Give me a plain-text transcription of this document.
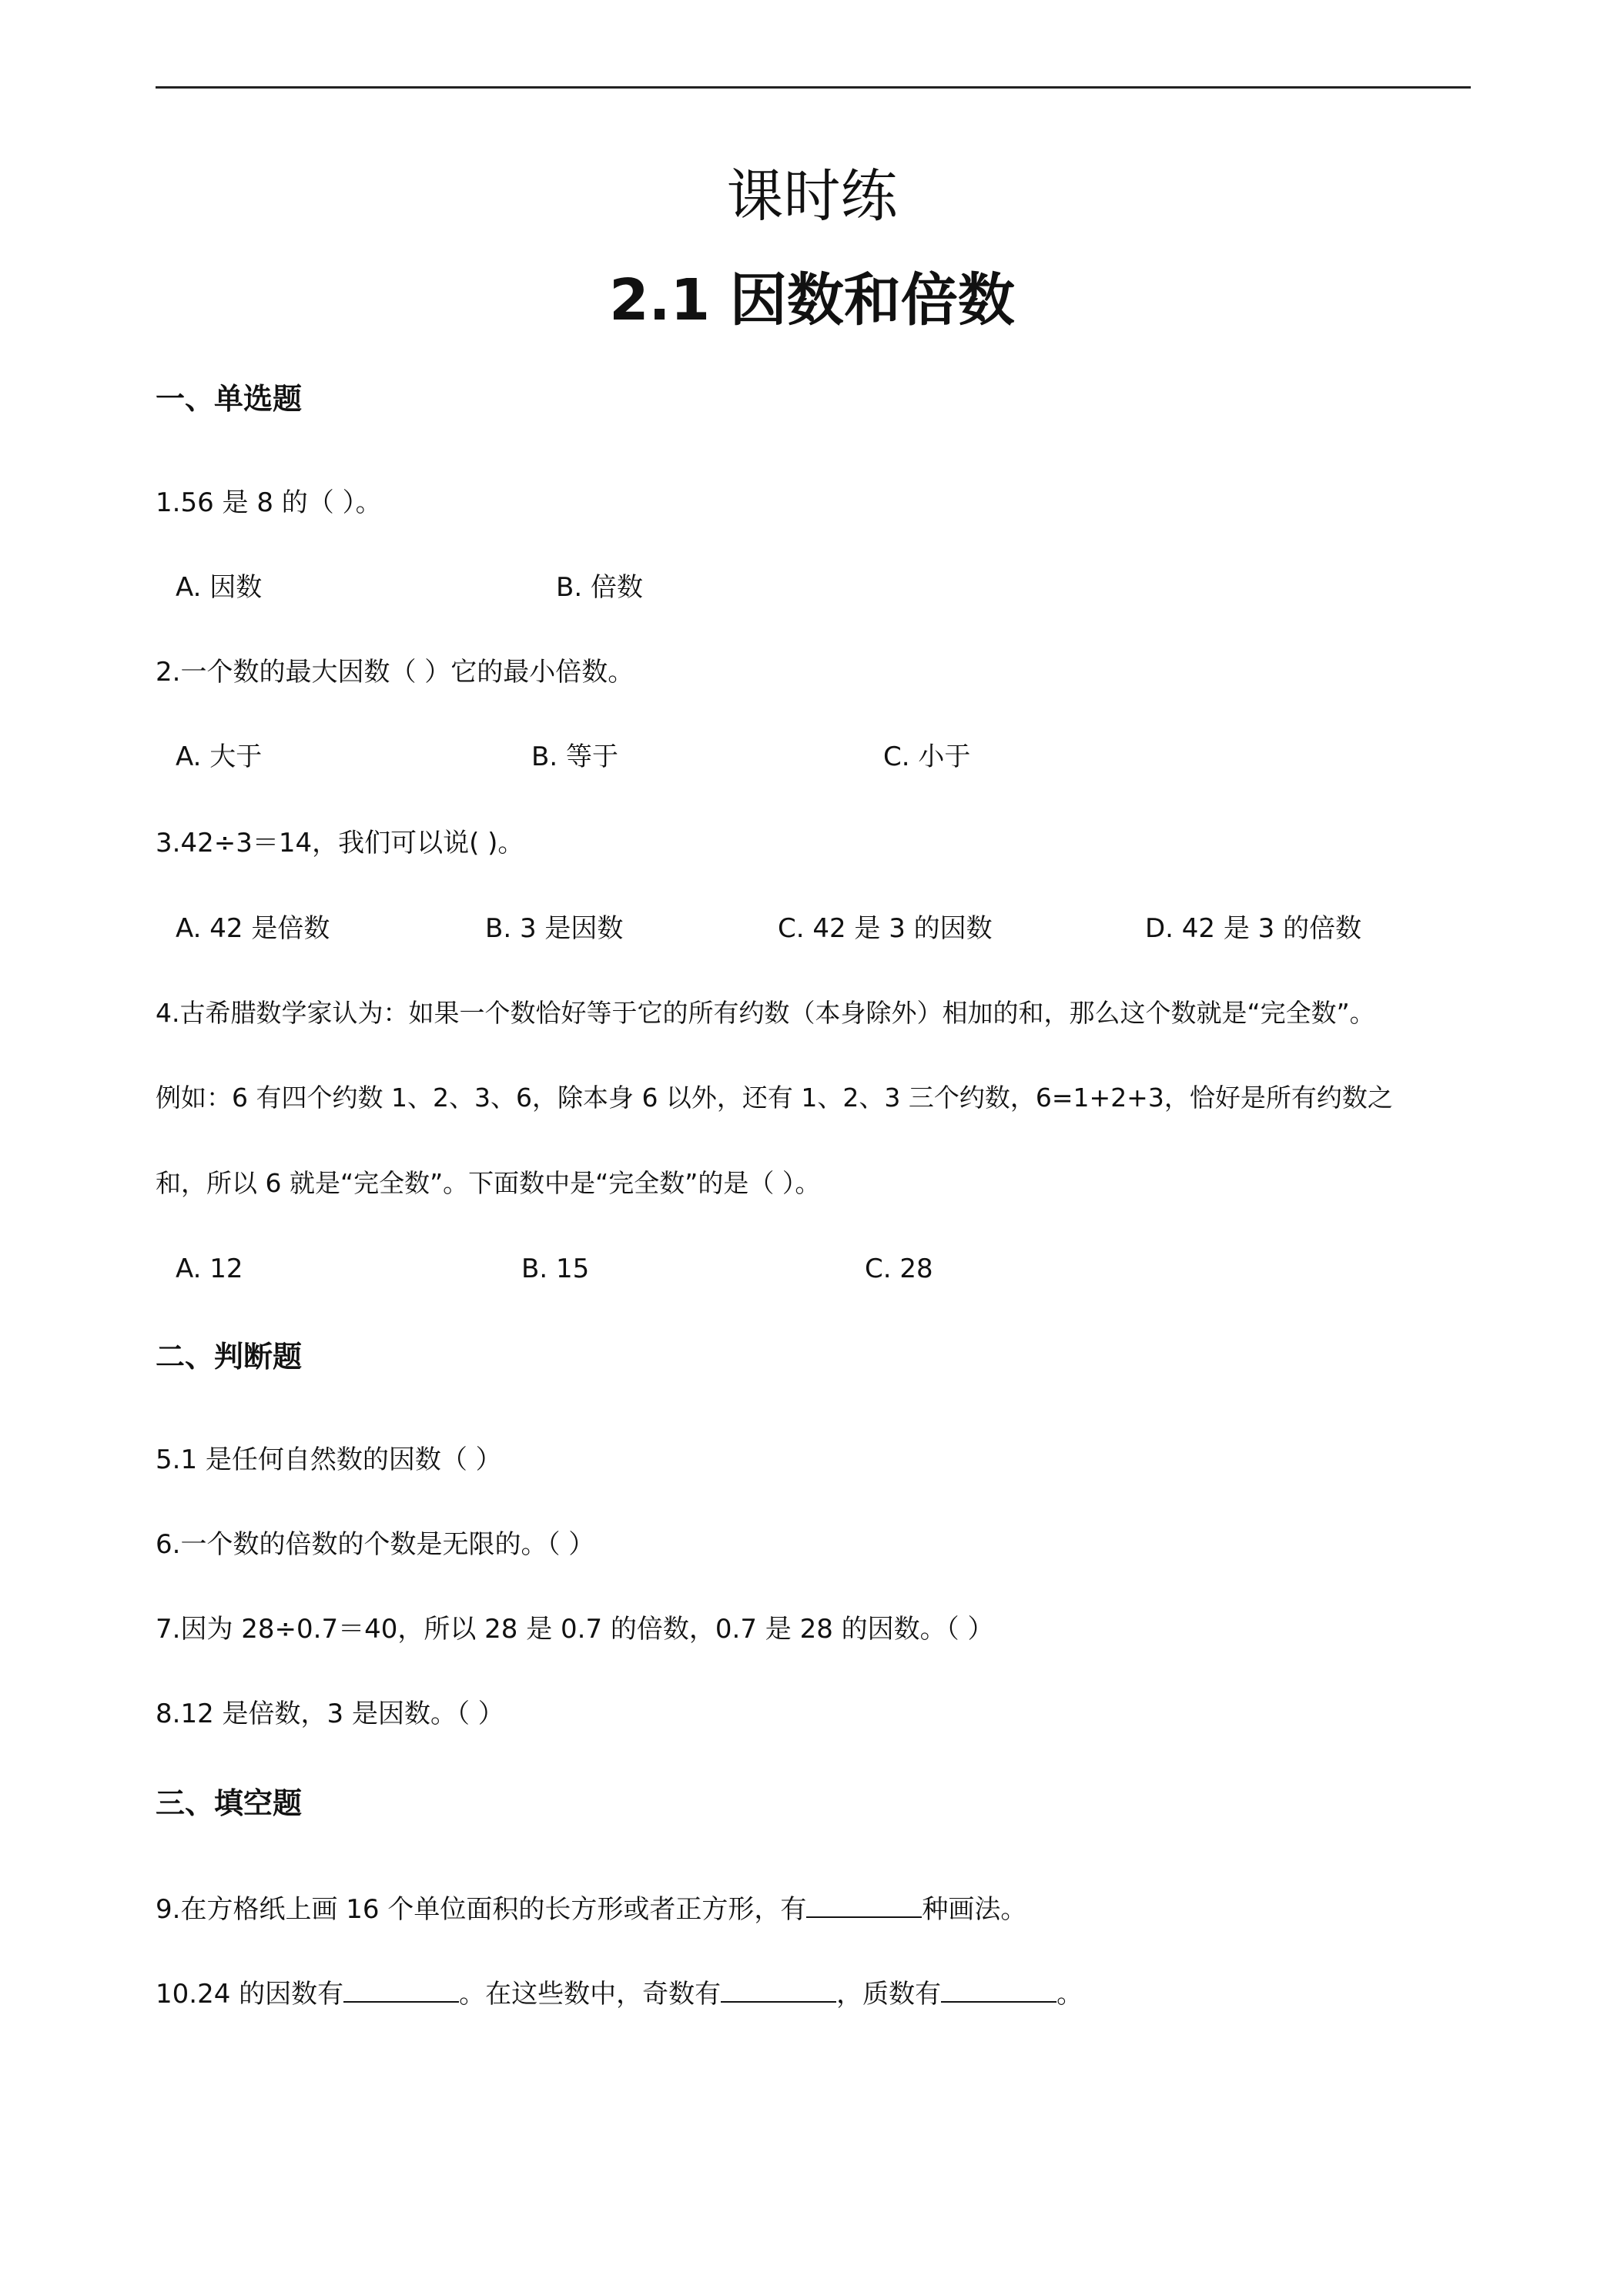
课时练
2.1 因数和倍数
一、单选题
1.56 是 8 的（ ）。
A. 因数	B. 倍数
2.一个数的最大因数（ ）它的最小倍数。
A. 大于	B. 等于	C. 小于
3.42÷3＝14，我们可以说( )。
A. 42 是倍数	B. 3 是因数	C. 42 是 3 的因数	D. 42 是 3 的倍数
4.古希腊数学家认为：如果一个数恰好等于它的所有约数（本身除外）相加的和，那么这个数就是“完全数”。
例如：6 有四个约数 1、2、3、6，除本身 6 以外，还有 1、2、3 三个约数，6=1+2+3，恰好是所有约数之
和，所以 6 就是“完全数”。下面数中是“完全数”的是（ ）。
A. 12	B. 15	C. 28
二、判断题
5.1 是任何自然数的因数（ ）
6.一个数的倍数的个数是无限的。（ ）
7.因为 28÷0.7＝40，所以 28 是 0.7 的倍数，0.7 是 28 的因数。（ ）
8.12 是倍数，3 是因数。（ ）
三、填空题
9.在方格纸上画 16 个单位面积的长方形或者正方形，有	种画法。
10.24 的因数有	。在这些数中，奇数有	，质数有	。
